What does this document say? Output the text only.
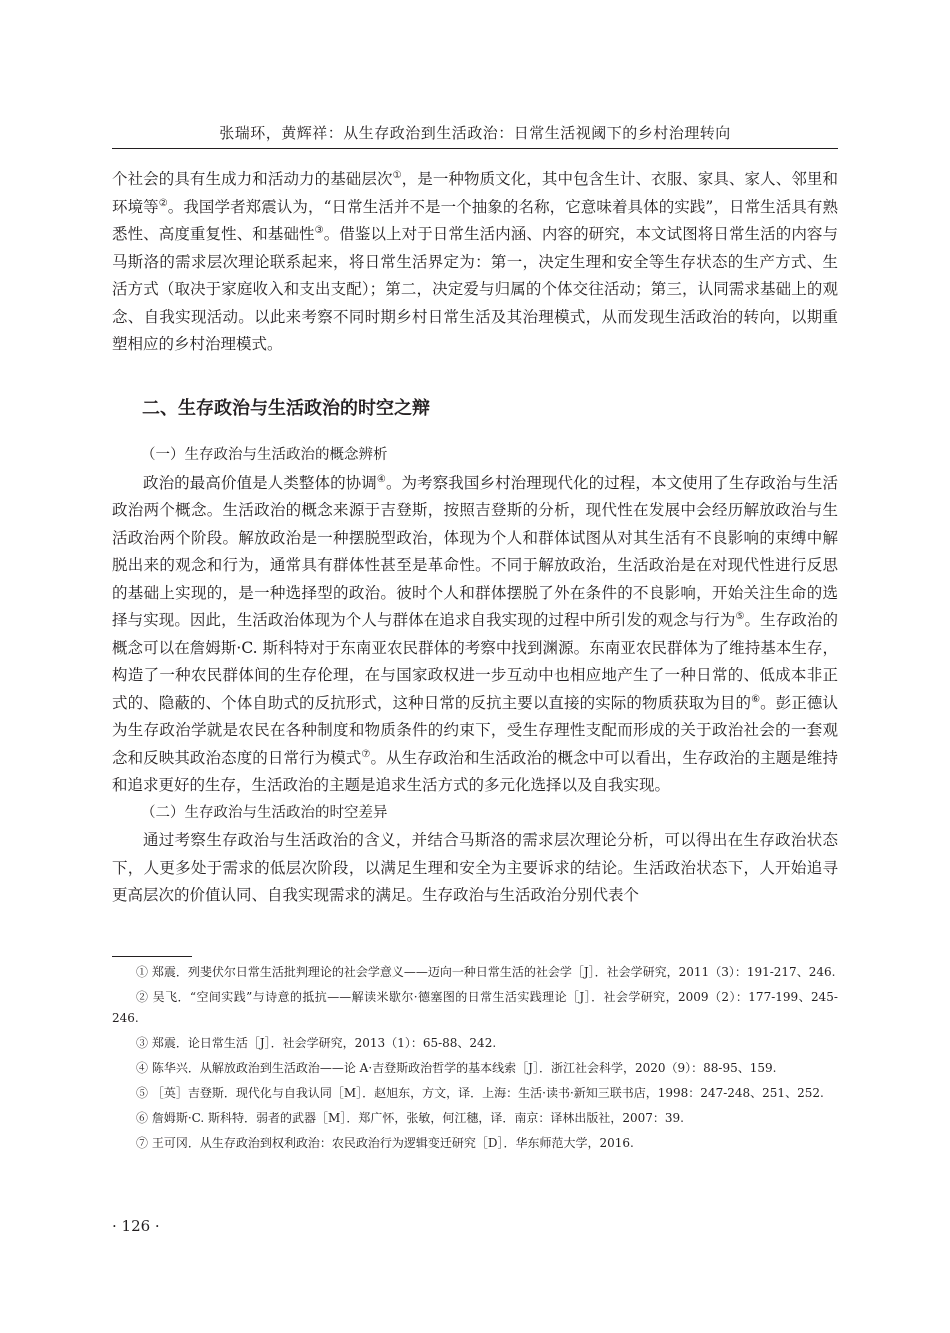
张瑞环，黄辉祥：从生存政治到生活政治：日常生活视阈下的乡村治理转向

个社会的具有生成力和活动力的基础层次①，是一种物质文化，其中包含生计、衣服、家具、家人、邻里和环境等②。我国学者郑震认为，“日常生活并不是一个抽象的名称，它意味着具体的实践”，日常生活具有熟悉性、高度重复性、和基础性③。借鉴以上对于日常生活内涵、内容的研究，本文试图将日常生活的内容与马斯洛的需求层次理论联系起来，将日常生活界定为：第一，决定生理和安全等生存状态的生产方式、生活方式（取决于家庭收入和支出支配）；第二，决定爱与归属的个体交往活动；第三，认同需求基础上的观念、自我实现活动。以此来考察不同时期乡村日常生活及其治理模式，从而发现生活政治的转向，以期重塑相应的乡村治理模式。

二、生存政治与生活政治的时空之辩

（一）生存政治与生活政治的概念辨析

政治的最高价值是人类整体的协调④。为考察我国乡村治理现代化的过程，本文使用了生存政治与生活政治两个概念。生活政治的概念来源于吉登斯，按照吉登斯的分析，现代性在发展中会经历解放政治与生活政治两个阶段。解放政治是一种摆脱型政治，体现为个人和群体试图从对其生活有不良影响的束缚中解脱出来的观念和行为，通常具有群体性甚至是革命性。不同于解放政治，生活政治是在对现代性进行反思的基础上实现的，是一种选择型的政治。彼时个人和群体摆脱了外在条件的不良影响，开始关注生命的选择与实现。因此，生活政治体现为个人与群体在追求自我实现的过程中所引发的观念与行为⑤。生存政治的概念可以在詹姆斯·C. 斯科特对于东南亚农民群体的考察中找到渊源。东南亚农民群体为了维持基本生存，构造了一种农民群体间的生存伦理，在与国家政权进一步互动中也相应地产生了一种日常的、低成本非正式的、隐蔽的、个体自助式的反抗形式，这种日常的反抗主要以直接的实际的物质获取为目的⑥。彭正德认为生存政治学就是农民在各种制度和物质条件的约束下，受生存理性支配而形成的关于政治社会的一套观念和反映其政治态度的日常行为模式⑦。从生存政治和生活政治的概念中可以看出，生存政治的主题是维持和追求更好的生存，生活政治的主题是追求生活方式的多元化选择以及自我实现。

（二）生存政治与生活政治的时空差异

通过考察生存政治与生活政治的含义，并结合马斯洛的需求层次理论分析，可以得出在生存政治状态下，人更多处于需求的低层次阶段，以满足生理和安全为主要诉求的结论。生活政治状态下，人开始追寻更高层次的价值认同、自我实现需求的满足。生存政治与生活政治分别代表个

① 郑震．列斐伏尔日常生活批判理论的社会学意义——迈向一种日常生活的社会学［J］．社会学研究，2011（3）：191-217、246.

② 吴飞．“空间实践”与诗意的抵抗——解读米歇尔·德塞图的日常生活实践理论［J］．社会学研究，2009（2）：177-199、245-246.

③ 郑震．论日常生活［J］．社会学研究，2013（1）：65-88、242.

④ 陈华兴．从解放政治到生活政治——论 A·吉登斯政治哲学的基本线索［J］．浙江社会科学，2020（9）：88-95、159.

⑤ ［英］吉登斯．现代化与自我认同［M］．赵旭东，方文，译．上海：生活·读书·新知三联书店，1998：247-248、251、252.

⑥ 詹姆斯·C. 斯科特．弱者的武器［M］．郑广怀，张敏，何江穗，译．南京：译林出版社，2007：39.

⑦ 王可冈．从生存政治到权利政治：农民政治行为逻辑变迁研究［D］．华东师范大学，2016.

· 126 ·
